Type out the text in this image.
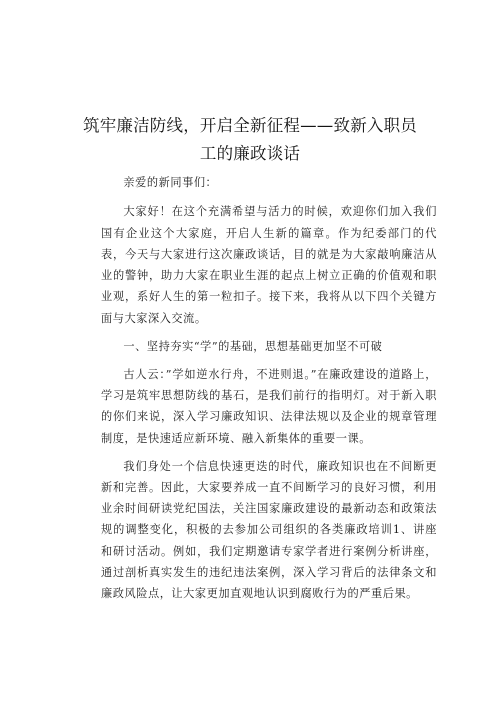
筑牢廉洁防线，开启全新征程——致新入职员
工的廉政谈话

亲爱的新同事们：

大家好！在这个充满希望与活力的时候，欢迎你们加入我们国有企业这个大家庭，开启人生新的篇章。作为纪委部门的代表，今天与大家进行这次廉政谈话，目的就是为大家敲响廉洁从业的警钟，助力大家在职业生涯的起点上树立正确的价值观和职业观，系好人生的第一粒扣子。接下来，我将从以下四个关键方面与大家深入交流。

一、坚持夯实“学”的基础，思想基础更加坚不可破

古人云：”学如逆水行舟，不进则退。”在廉政建设的道路上，学习是筑牢思想防线的基石，是我们前行的指明灯。对于新入职的你们来说，深入学习廉政知识、法律法规以及企业的规章管理制度，是快速适应新环境、融入新集体的重要一课。

我们身处一个信息快速更迭的时代，廉政知识也在不间断更新和完善。因此，大家要养成一直不间断学习的良好习惯，利用业余时间研读党纪国法，关注国家廉政建设的最新动态和政策法规的调整变化，积极的去参加公司组织的各类廉政培训1、讲座和研讨活动。例如，我们定期邀请专家学者进行案例分析讲座，通过剖析真实发生的违纪违法案例，深入学习背后的法律条文和廉政风险点，让大家更加直观地认识到腐败行为的严重后果。
